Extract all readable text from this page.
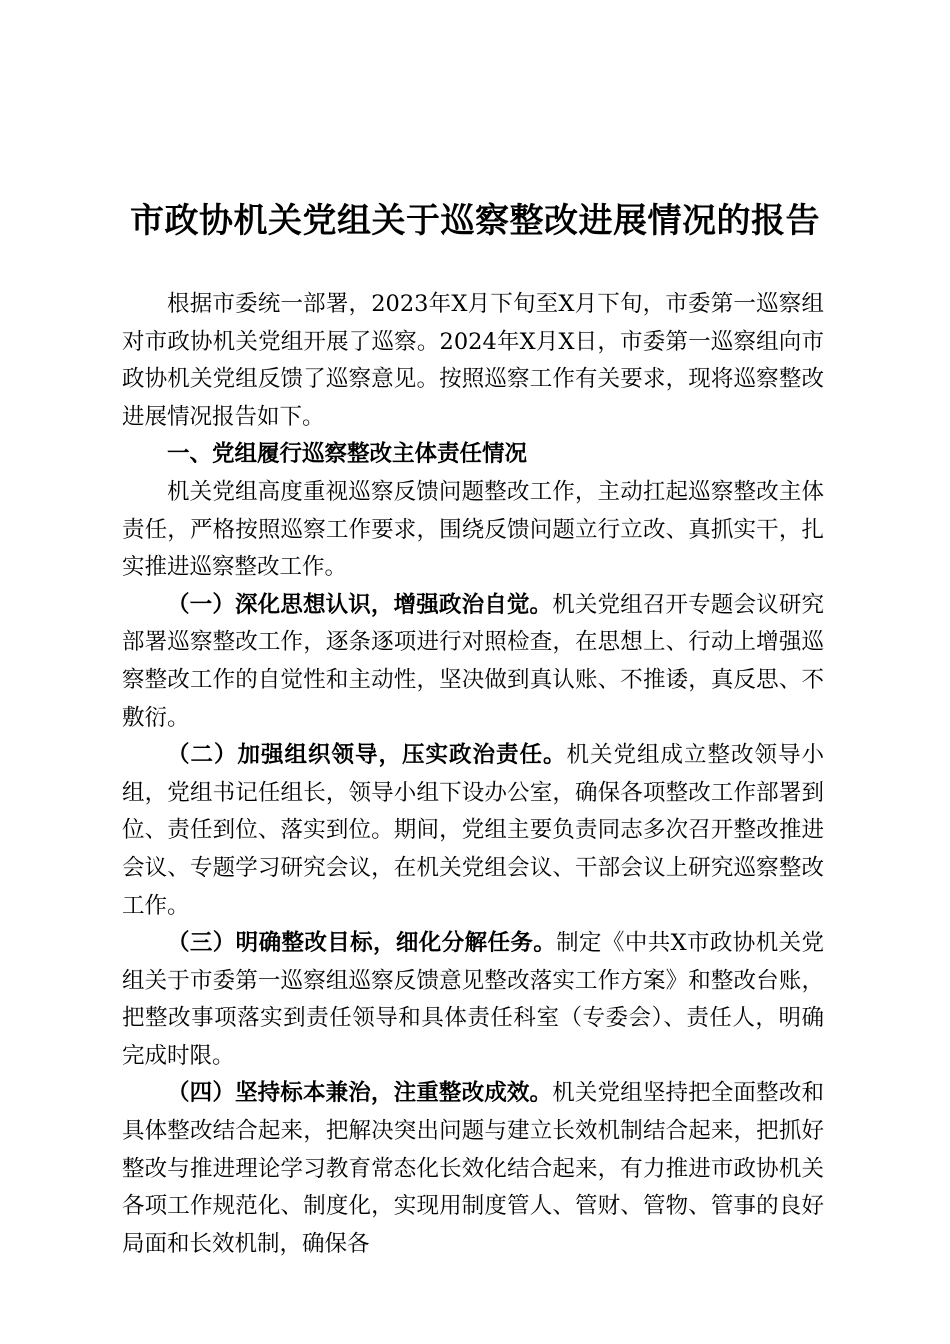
市政协机关党组关于巡察整改进展情况的报告

根据市委统一部署，2023年X月下旬至X月下旬，市委第一巡察组对市政协机关党组开展了巡察。2024年X月X日，市委第一巡察组向市政协机关党组反馈了巡察意见。按照巡察工作有关要求，现将巡察整改进展情况报告如下。

一、党组履行巡察整改主体责任情况

机关党组高度重视巡察反馈问题整改工作，主动扛起巡察整改主体责任，严格按照巡察工作要求，围绕反馈问题立行立改、真抓实干，扎实推进巡察整改工作。

（一）深化思想认识，增强政治自觉。机关党组召开专题会议研究部署巡察整改工作，逐条逐项进行对照检查，在思想上、行动上增强巡察整改工作的自觉性和主动性，坚决做到真认账、不推诿，真反思、不敷衍。

（二）加强组织领导，压实政治责任。机关党组成立整改领导小组，党组书记任组长，领导小组下设办公室，确保各项整改工作部署到位、责任到位、落实到位。期间，党组主要负责同志多次召开整改推进会议、专题学习研究会议，在机关党组会议、干部会议上研究巡察整改工作。

（三）明确整改目标，细化分解任务。制定《中共X市政协机关党组关于市委第一巡察组巡察反馈意见整改落实工作方案》和整改台账，把整改事项落实到责任领导和具体责任科室（专委会）、责任人，明确完成时限。

（四）坚持标本兼治，注重整改成效。机关党组坚持把全面整改和具体整改结合起来，把解决突出问题与建立长效机制结合起来，把抓好整改与推进理论学习教育常态化长效化结合起来，有力推进市政协机关各项工作规范化、制度化，实现用制度管人、管财、管物、管事的良好局面和长效机制，确保各
